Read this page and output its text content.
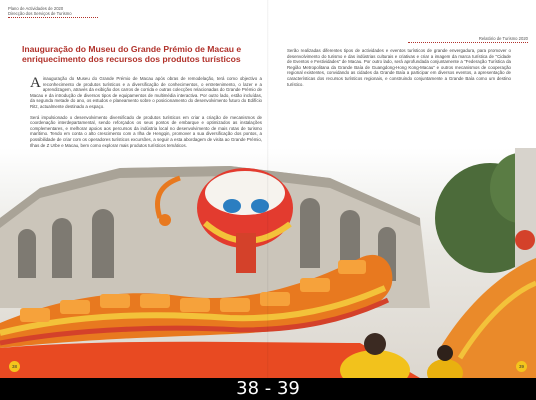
Plano de Actividades de 2020
Direcção dos Serviços de Turismo
Relatório de Turismo 2020
Inauguração do Museu do Grande Prémio de Macau e enriquecimento dos recursos dos produtos turísticos

Ainauguração do Museu do Grande Prémio de Macau após obras de remodelação, terá como objectivo a reconhecimento de produtos turísticos e a diversificação de conhecimentos, o entretenimento, o lazer e a aprendizagem, através da exibição dos carros de corrida e outras colecções relacionadas do Grande Prémio de Macau e da introdução de diversos tipos de equipamentos de multimédia interactiva. Por outro lado, estão incluídas, da segunda metade do ano, os estudos e planeamento sobre o posicionamento do desenvolvimento futuro do Edifício Ritz, actualmente destinado a espaço.

Será impulsionado o desenvolvimento diversificado de produtos turísticos em criar a criação de mecanismos de coordenação interdepartamental, sendo reforçados os seus pontos de embarque e optimizados as instalações complementares, e melhorar apoios aos percursos da indústria local no desenvolvimento de mais rotas de turismo marítimo. Tendo em conta o alto crescimento com a Ilha de Hengqin, promover a sua diversificação dos pontos, a possibilidade de criar com os operadores turísticos excursões, a seguir a esta abordagem de visita ao Grande Prémio, Ilhas de Z Urbe e Macau, bem como explorar mais produtos turísticos temáticos.

Serão realizadas diferentes tipos de actividades e eventos turísticos de grande envergadura, para promover o desenvolvimento do turismo e das indústrias culturais e criativas e criar a imagem da marca turística de "Cidade de Eventos e Festividades" de Macau. Por outro lado, será aprofundada conjuntamente a "Federação Turística da Região Metropolitana da Grande Baía de Guangdong-Hong Kong-Macau" e outros mecanismos de cooperação regional existentes, convidando as cidades da Grande Baía a participar em diversos eventos, a apresentação de características dos recursos turísticos regionais, e construindo conjuntamente a Grande Baía como um destino turístico.

38	39
38 - 39
